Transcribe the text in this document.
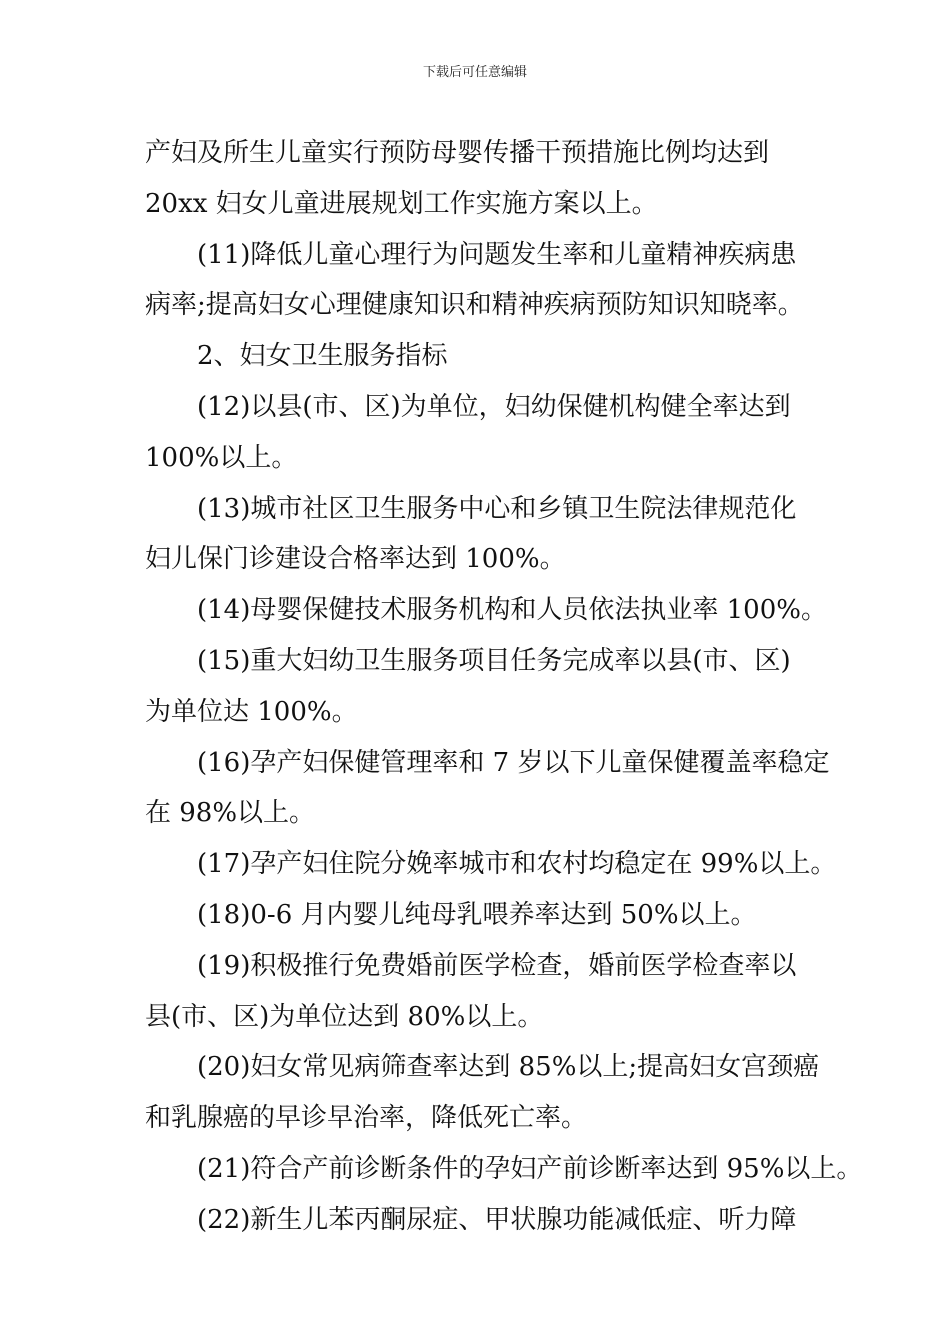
下载后可任意编辑
产妇及所生儿童实行预防母婴传播干预措施比例均达到
20xx 妇女儿童进展规划工作实施方案以上。
(11)降低儿童心理行为问题发生率和儿童精神疾病患
病率;提高妇女心理健康知识和精神疾病预防知识知晓率。
2、妇女卫生服务指标
(12)以县(市、区)为单位，妇幼保健机构健全率达到
100%以上。
(13)城市社区卫生服务中心和乡镇卫生院法律规范化
妇儿保门诊建设合格率达到 100%。
(14)母婴保健技术服务机构和人员依法执业率 100%。
(15)重大妇幼卫生服务项目任务完成率以县(市、区)
为单位达 100%。
(16)孕产妇保健管理率和 7 岁以下儿童保健覆盖率稳定
在 98%以上。
(17)孕产妇住院分娩率城市和农村均稳定在 99%以上。
(18)0-6 月内婴儿纯母乳喂养率达到 50%以上。
(19)积极推行免费婚前医学检查，婚前医学检查率以
县(市、区)为单位达到 80%以上。
(20)妇女常见病筛查率达到 85%以上;提高妇女宫颈癌
和乳腺癌的早诊早治率，降低死亡率。
(21)符合产前诊断条件的孕妇产前诊断率达到 95%以上。
(22)新生儿苯丙酮尿症、甲状腺功能减低症、听力障
